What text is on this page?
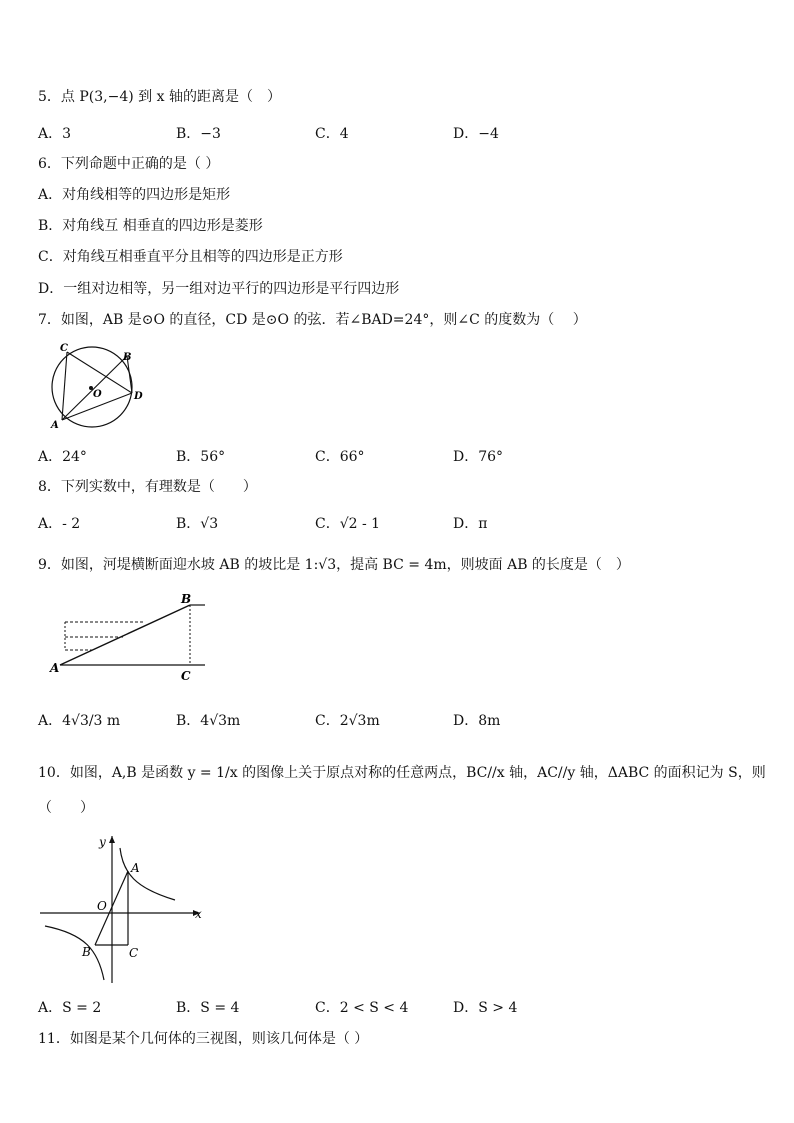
5．点 P(3,−4) 到 x 轴的距离是（　）
A．3	B．−3	C．4	D．−4
6．下列命题中正确的是（ ）
A．对角线相等的四边形是矩形
B．对角线互 相垂直的四边形是菱形
C．对角线互相垂直平分且相等的四边形是正方形
D．一组对边相等，另一组对边平行的四边形是平行四边形
7．如图，AB 是⊙O 的直径，CD 是⊙O 的弦．若∠BAD=24°，则∠C 的度数为（　 ）
C
B
O	D
A
A．24°	B．56°	C．66°	D．76°
8．下列实数中，有理数是（　　）
A．- 2	B．√3	C．√2 - 1	D．π
9．如图，河堤横断面迎水坡 AB 的坡比是 1:√3，提高 BC = 4m，则坡面 AB 的长度是（　）
A
B
C
A．4√3/3 m	B．4√3m	C．2√3m	D．8m
10．如图，A,B 是函数 y = 1/x 的图像上关于原点对称的任意两点，BC//x 轴，AC//y 轴，ΔABC 的面积记为 S，则
（　　）
y
x
O
A
B	C
A．S = 2	B．S = 4	C．2 < S < 4	D．S > 4
11．如图是某个几何体的三视图，则该几何体是（ ）
